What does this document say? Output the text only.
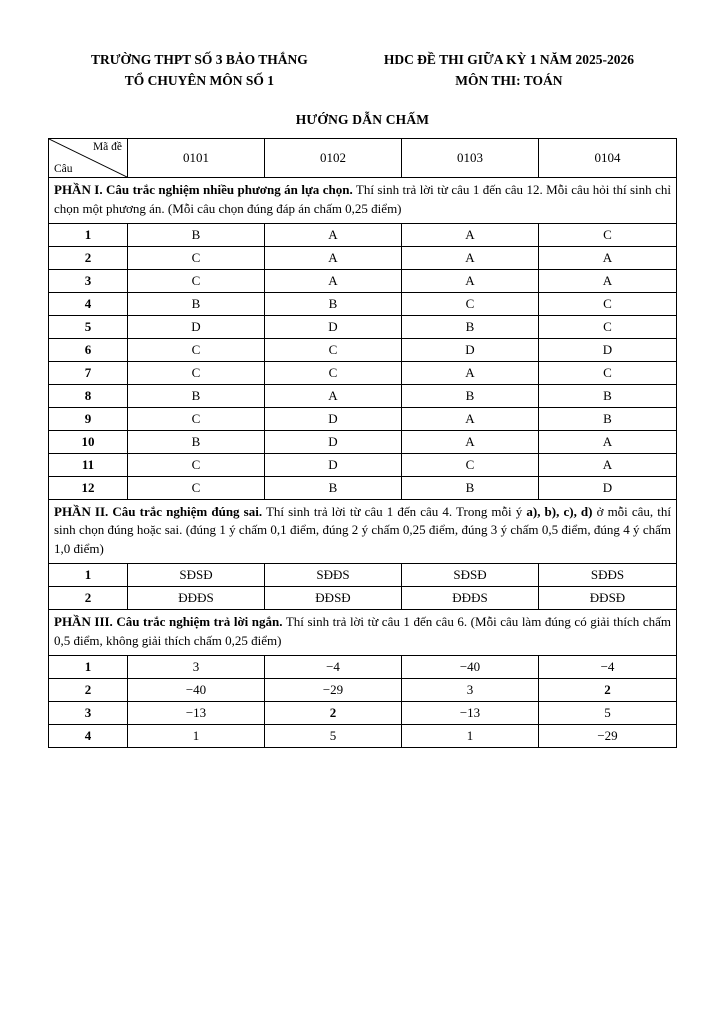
TRƯỜNG THPT SỐ 3 BẢO THẮNG
TỔ CHUYÊN MÔN SỐ 1
HDC ĐỀ THI GIỮA KỲ 1 NĂM 2025-2026
MÔN THI: TOÁN
HƯỚNG DẪN CHẤM
Mã đề
Câu	0101	0102	0103	0104
PHẦN I. Câu trắc nghiệm nhiều phương án lựa chọn. Thí sinh trả lời từ câu 1 đến câu 12. Mỗi câu hỏi thí sinh chỉ chọn một phương án. (Mỗi câu chọn đúng đáp án chấm 0,25 điểm)				
1	B	A	A	C
2	C	A	A	A
3	C	A	A	A
4	B	B	C	C
5	D	D	B	C
6	C	C	D	D
7	C	C	A	C
8	B	A	B	B
9	C	D	A	B
10	B	D	A	A
11	C	D	C	A
12	C	B	B	D
PHẦN II. Câu trắc nghiệm đúng sai. Thí sinh trả lời từ câu 1 đến câu 4. Trong mỗi ý a), b), c), d) ở mỗi câu, thí sinh chọn đúng hoặc sai. (đúng 1 ý chấm 0,1 điểm, đúng 2 ý chấm 0,25 điểm, đúng 3 ý chấm 0,5 điểm, đúng 4 ý chấm 1,0 điểm)				
1	SĐSĐ	SĐĐS	SĐSĐ	SĐĐS
2	ĐĐĐS	ĐĐSĐ	ĐĐĐS	ĐĐSĐ
PHẦN III. Câu trắc nghiệm trả lời ngắn. Thí sinh trả lời từ câu 1 đến câu 6. (Mỗi câu làm đúng có giải thích chấm 0,5 điểm, không giải thích chấm 0,25 điểm)				
1	3	−4	−40	−4
2	−40	−29	3	2
3	−13	2	−13	5
4	1	5	1	−29
